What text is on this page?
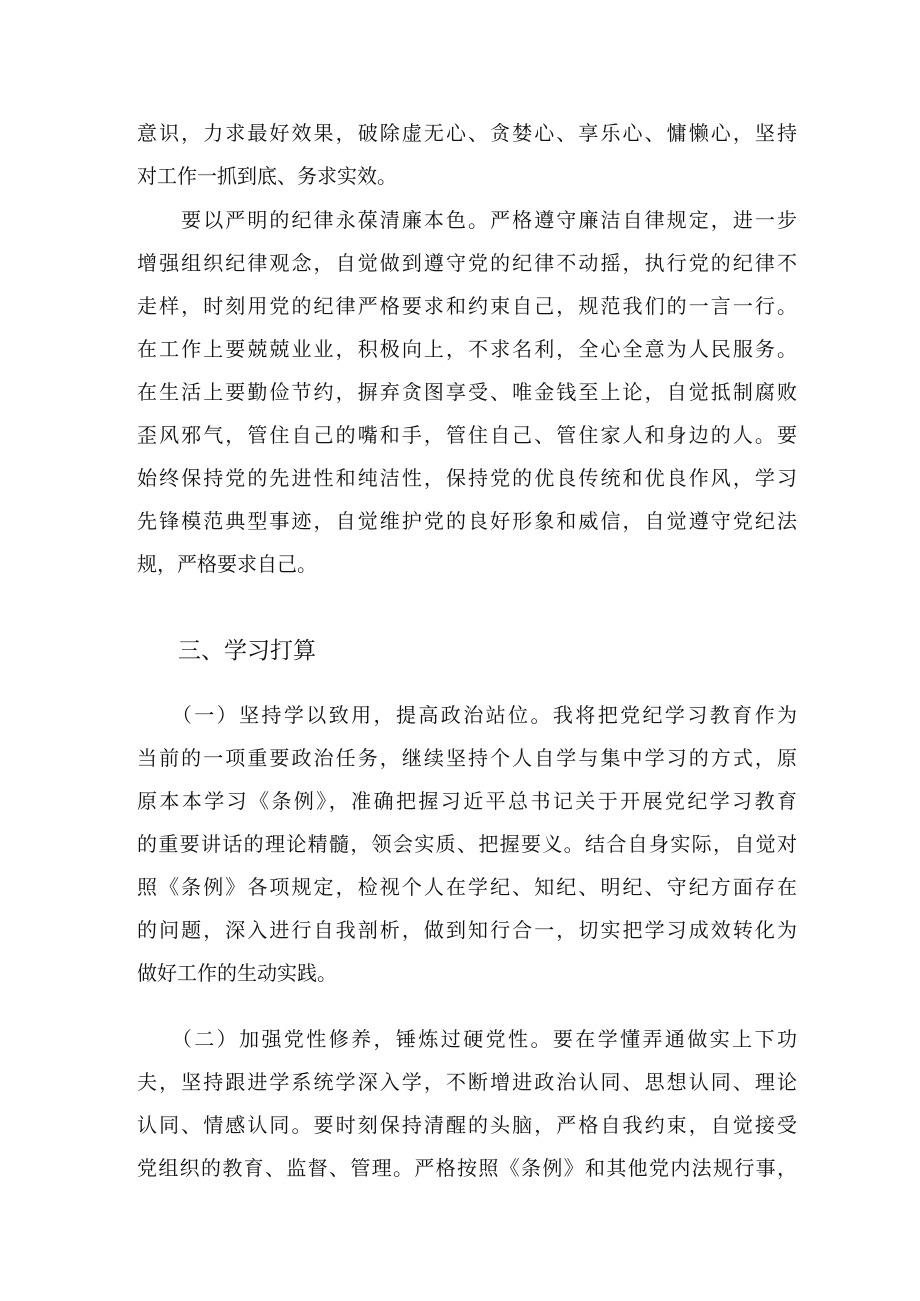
意识，力求最好效果，破除虚无心、贪婪心、享乐心、慵懒心，坚持
对工作一抓到底、务求实效。
　　要以严明的纪律永葆清廉本色。严格遵守廉洁自律规定，进一步
增强组织纪律观念，自觉做到遵守党的纪律不动摇，执行党的纪律不
走样，时刻用党的纪律严格要求和约束自己，规范我们的一言一行。
在工作上要兢兢业业，积极向上，不求名利，全心全意为人民服务。
在生活上要勤俭节约，摒弃贪图享受、唯金钱至上论，自觉抵制腐败
歪风邪气，管住自己的嘴和手，管住自己、管住家人和身边的人。要
始终保持党的先进性和纯洁性，保持党的优良传统和优良作风，学习
先锋模范典型事迹，自觉维护党的良好形象和威信，自觉遵守党纪法
规，严格要求自己。
三、学习打算
　　（一）坚持学以致用，提高政治站位。我将把党纪学习教育作为
当前的一项重要政治任务，继续坚持个人自学与集中学习的方式，原
原本本学习《条例》，准确把握习近平总书记关于开展党纪学习教育
的重要讲话的理论精髓，领会实质、把握要义。结合自身实际，自觉对
照《条例》各项规定，检视个人在学纪、知纪、明纪、守纪方面存在
的问题，深入进行自我剖析，做到知行合一，切实把学习成效转化为
做好工作的生动实践。
　　（二）加强党性修养，锤炼过硬党性。要在学懂弄通做实上下功
夫，坚持跟进学系统学深入学，不断增进政治认同、思想认同、理论
认同、情感认同。要时刻保持清醒的头脑，严格自我约束，自觉接受
党组织的教育、监督、管理。严格按照《条例》和其他党内法规行事，
